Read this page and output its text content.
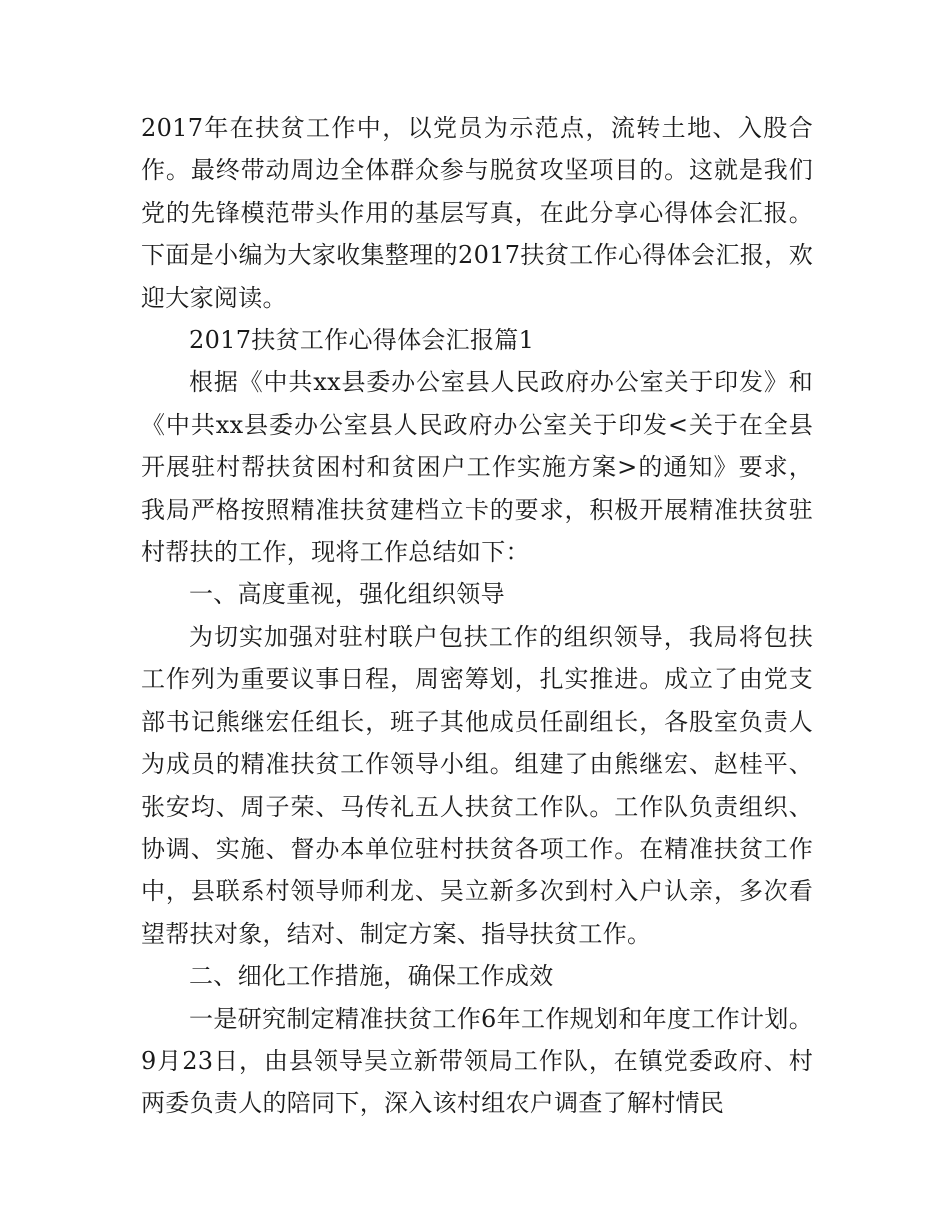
2017年在扶贫工作中，以党员为示范点，流转土地、入股合作。最终带动周边全体群众参与脱贫攻坚项目的。这就是我们党的先锋模范带头作用的基层写真，在此分享心得体会汇报。下面是小编为大家收集整理的2017扶贫工作心得体会汇报，欢迎大家阅读。

2017扶贫工作心得体会汇报篇1

根据《中共xx县委办公室县人民政府办公室关于印发》和《中共xx县委办公室县人民政府办公室关于印发<关于在全县开展驻村帮扶贫困村和贫困户工作实施方案>的通知》要求，我局严格按照精准扶贫建档立卡的要求，积极开展精准扶贫驻村帮扶的工作，现将工作总结如下：

一、高度重视，强化组织领导

为切实加强对驻村联户包扶工作的组织领导，我局将包扶工作列为重要议事日程，周密筹划，扎实推进。成立了由党支部书记熊继宏任组长，班子其他成员任副组长，各股室负责人为成员的精准扶贫工作领导小组。组建了由熊继宏、赵桂平、张安均、周子荣、马传礼五人扶贫工作队。工作队负责组织、协调、实施、督办本单位驻村扶贫各项工作。在精准扶贫工作中，县联系村领导师利龙、吴立新多次到村入户认亲，多次看望帮扶对象，结对、制定方案、指导扶贫工作。

二、细化工作措施，确保工作成效

一是研究制定精准扶贫工作6年工作规划和年度工作计划。9月23日，由县领导吴立新带领局工作队，在镇党委政府、村两委负责人的陪同下，深入该村组农户调查了解村情民
